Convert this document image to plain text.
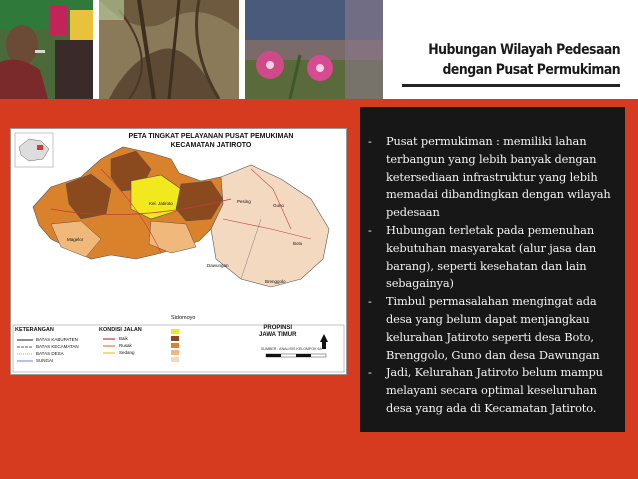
Hubungan Wilayah Pedesaan
dengan Pusat Permukiman
PETA TINGKAT PELAYANAN PUSAT PEMUKIMAN
KECAMATAN JATIROTO
Kel. Jatiroto
Boto
Guno
Dawungan
Brenggolo
Magelor
Pesing
Sidomoyo
KETERANGAN
BATAS KABUPATEN
BATAS KECAMATAN
BATAS DESA
SUNGAI
KONDISI JALAN
Baik
Rusak
Sedang
PROPINSI
JAWA TIMUR
SUMBER : ANALISIS KELOMPOK 6A
- Pusat permukiman : memiliki lahan terbangun yang lebih banyak dengan ketersediaan infrastruktur yang lebih memadai dibandingkan dengan wilayah pedesaan
- Hubungan terletak pada pemenuhan kebutuhan masyarakat (alur jasa dan barang), seperti kesehatan dan lain sebagainya)
- Timbul permasalahan mengingat ada desa yang belum dapat menjangkau kelurahan Jatiroto seperti desa Boto, Brenggolo, Guno dan desa Dawungan
- Jadi, Kelurahan Jatiroto belum mampu melayani secara optimal keseluruhan desa yang ada di Kecamatan Jatiroto.
